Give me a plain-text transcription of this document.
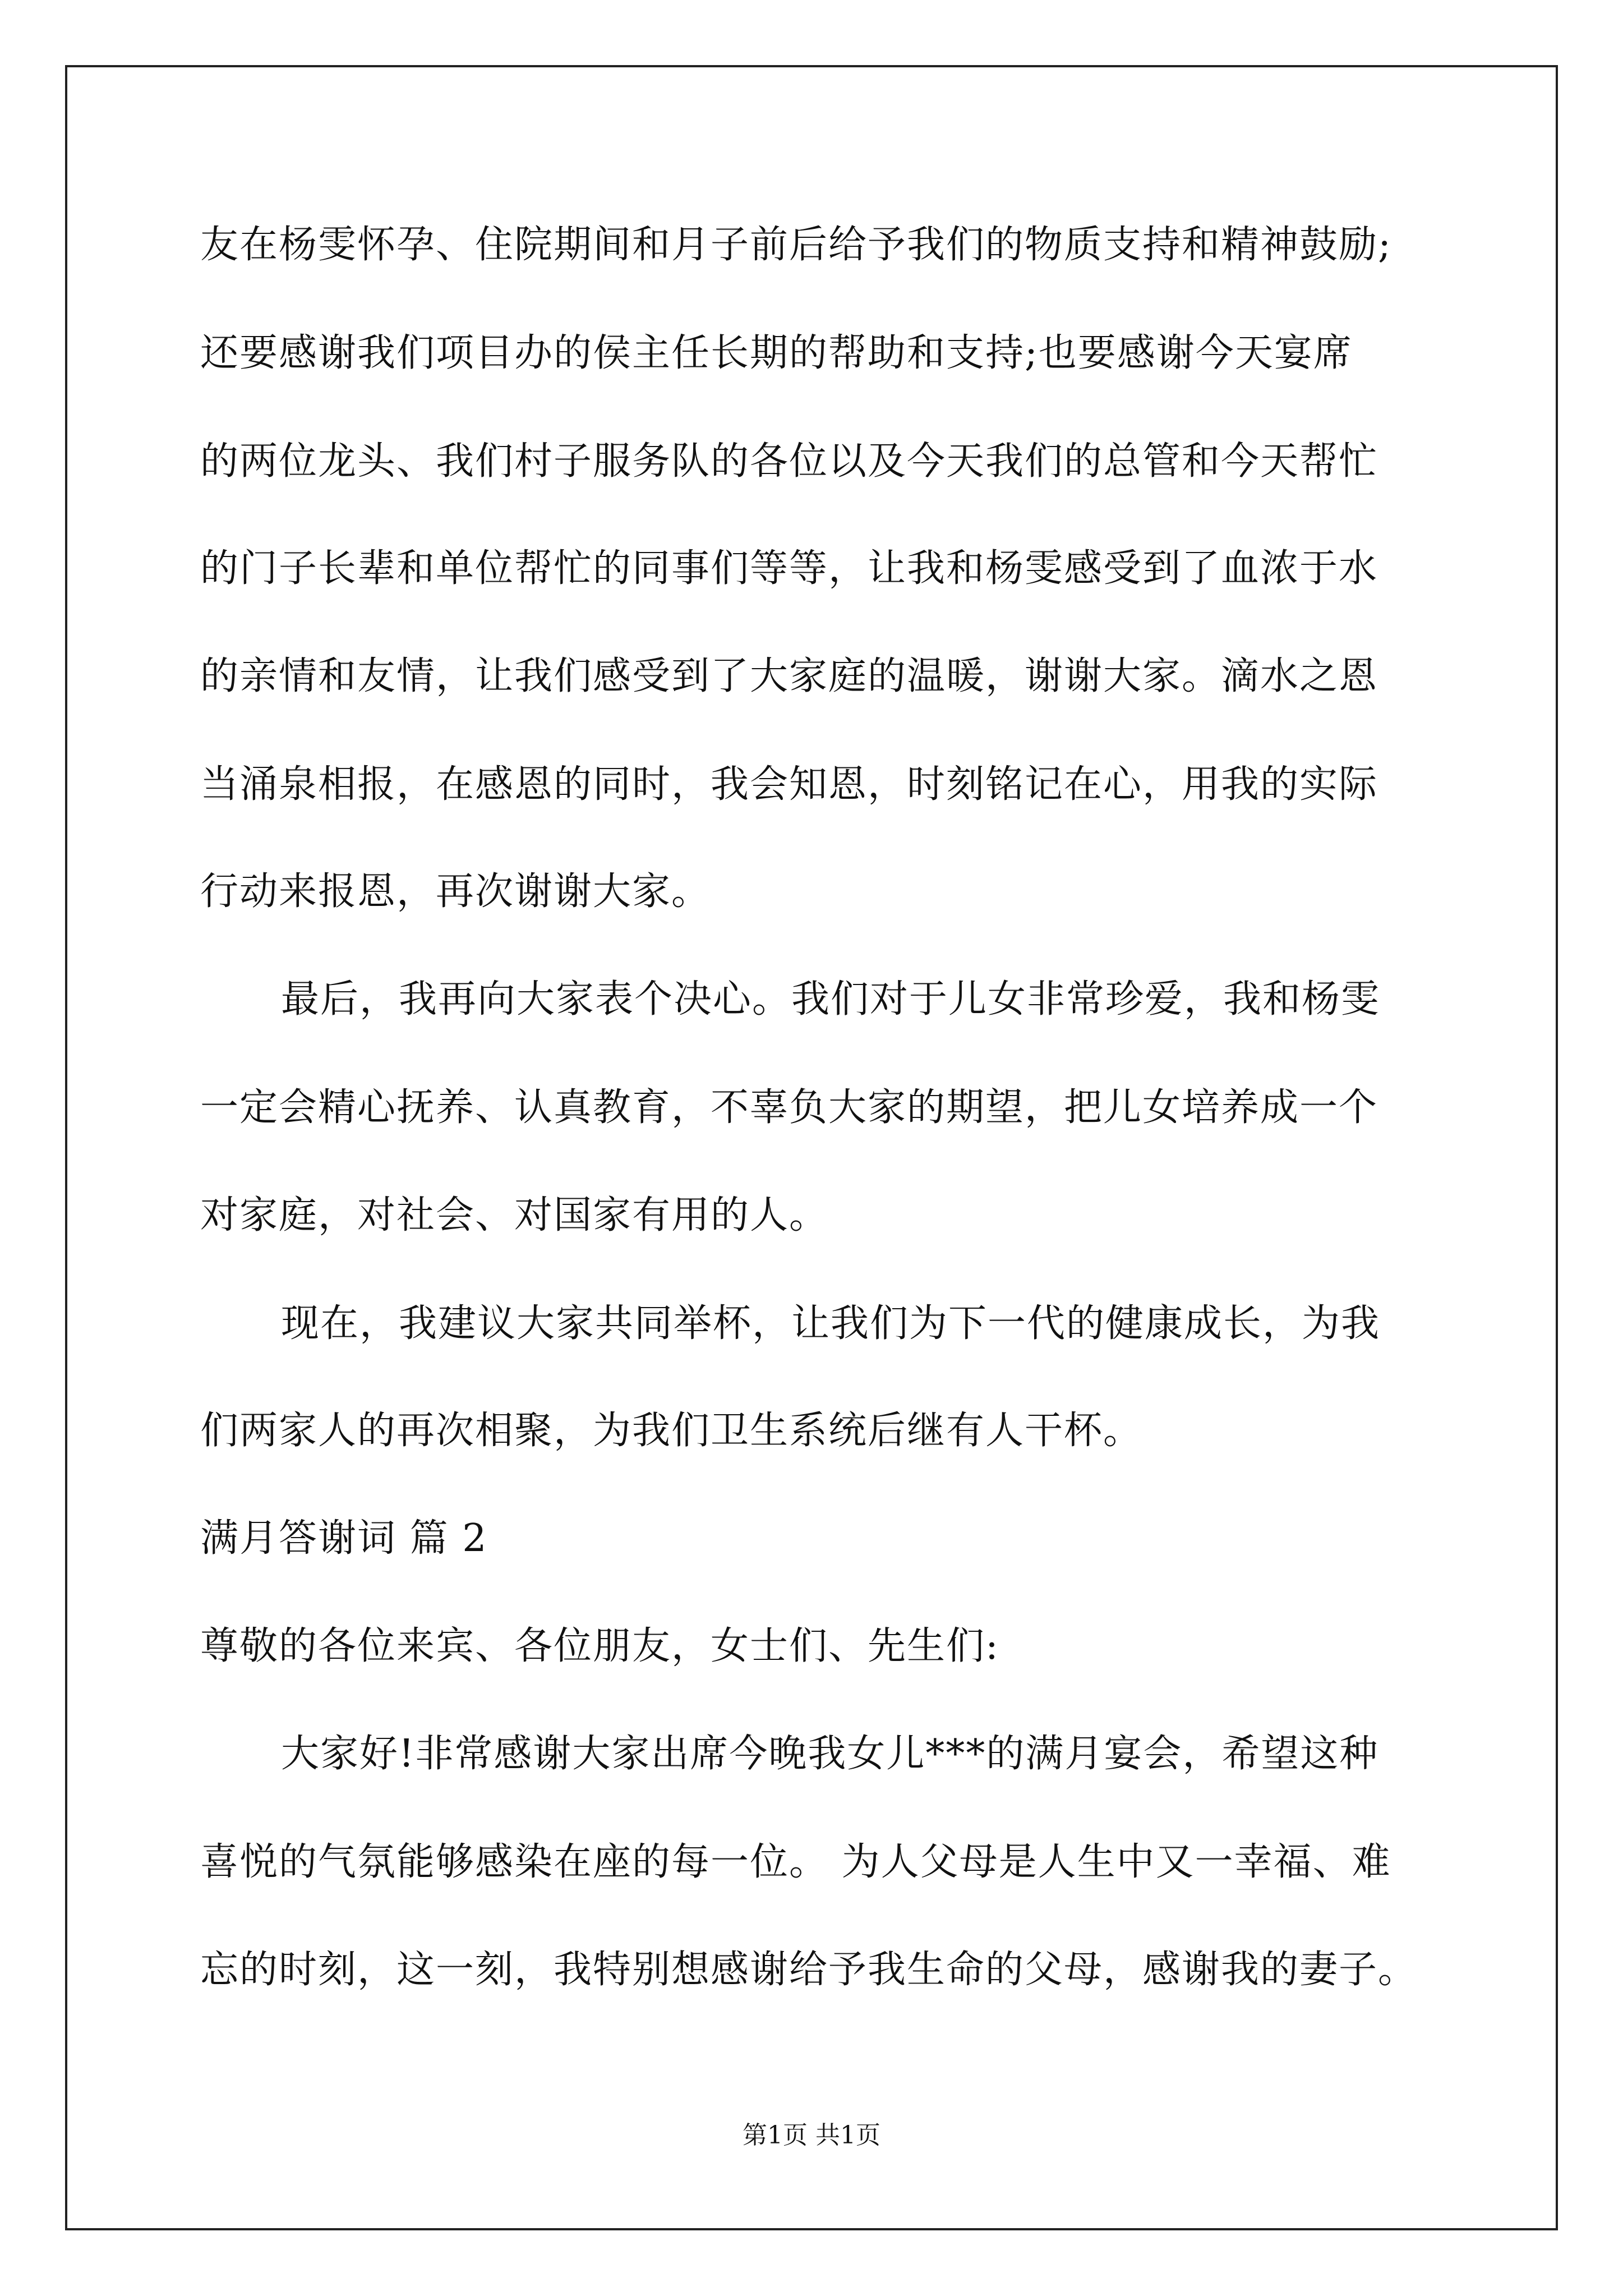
友在杨雯怀孕、住院期间和月子前后给予我们的物质支持和精神鼓励;
还要感谢我们项目办的侯主任长期的帮助和支持;也要感谢今天宴席
的两位龙头、我们村子服务队的各位以及今天我们的总管和今天帮忙
的门子长辈和单位帮忙的同事们等等，让我和杨雯感受到了血浓于水
的亲情和友情，让我们感受到了大家庭的温暖，谢谢大家。滴水之恩
当涌泉相报，在感恩的同时，我会知恩，时刻铭记在心，用我的实际
行动来报恩，再次谢谢大家。
最后，我再向大家表个决心。我们对于儿女非常珍爱，我和杨雯
一定会精心抚养、认真教育，不辜负大家的期望，把儿女培养成一个
对家庭，对社会、对国家有用的人。
现在，我建议大家共同举杯，让我们为下一代的健康成长，为我
们两家人的再次相聚，为我们卫生系统后继有人干杯。
满月答谢词 篇 2
尊敬的各位来宾、各位朋友，女士们、先生们:
大家好!非常感谢大家出席今晚我女儿***的满月宴会，希望这种
喜悦的气氛能够感染在座的每一位。 为人父母是人生中又一幸福、难
忘的时刻，这一刻，我特别想感谢给予我生命的父母，感谢我的妻子。
第1页 共1页
